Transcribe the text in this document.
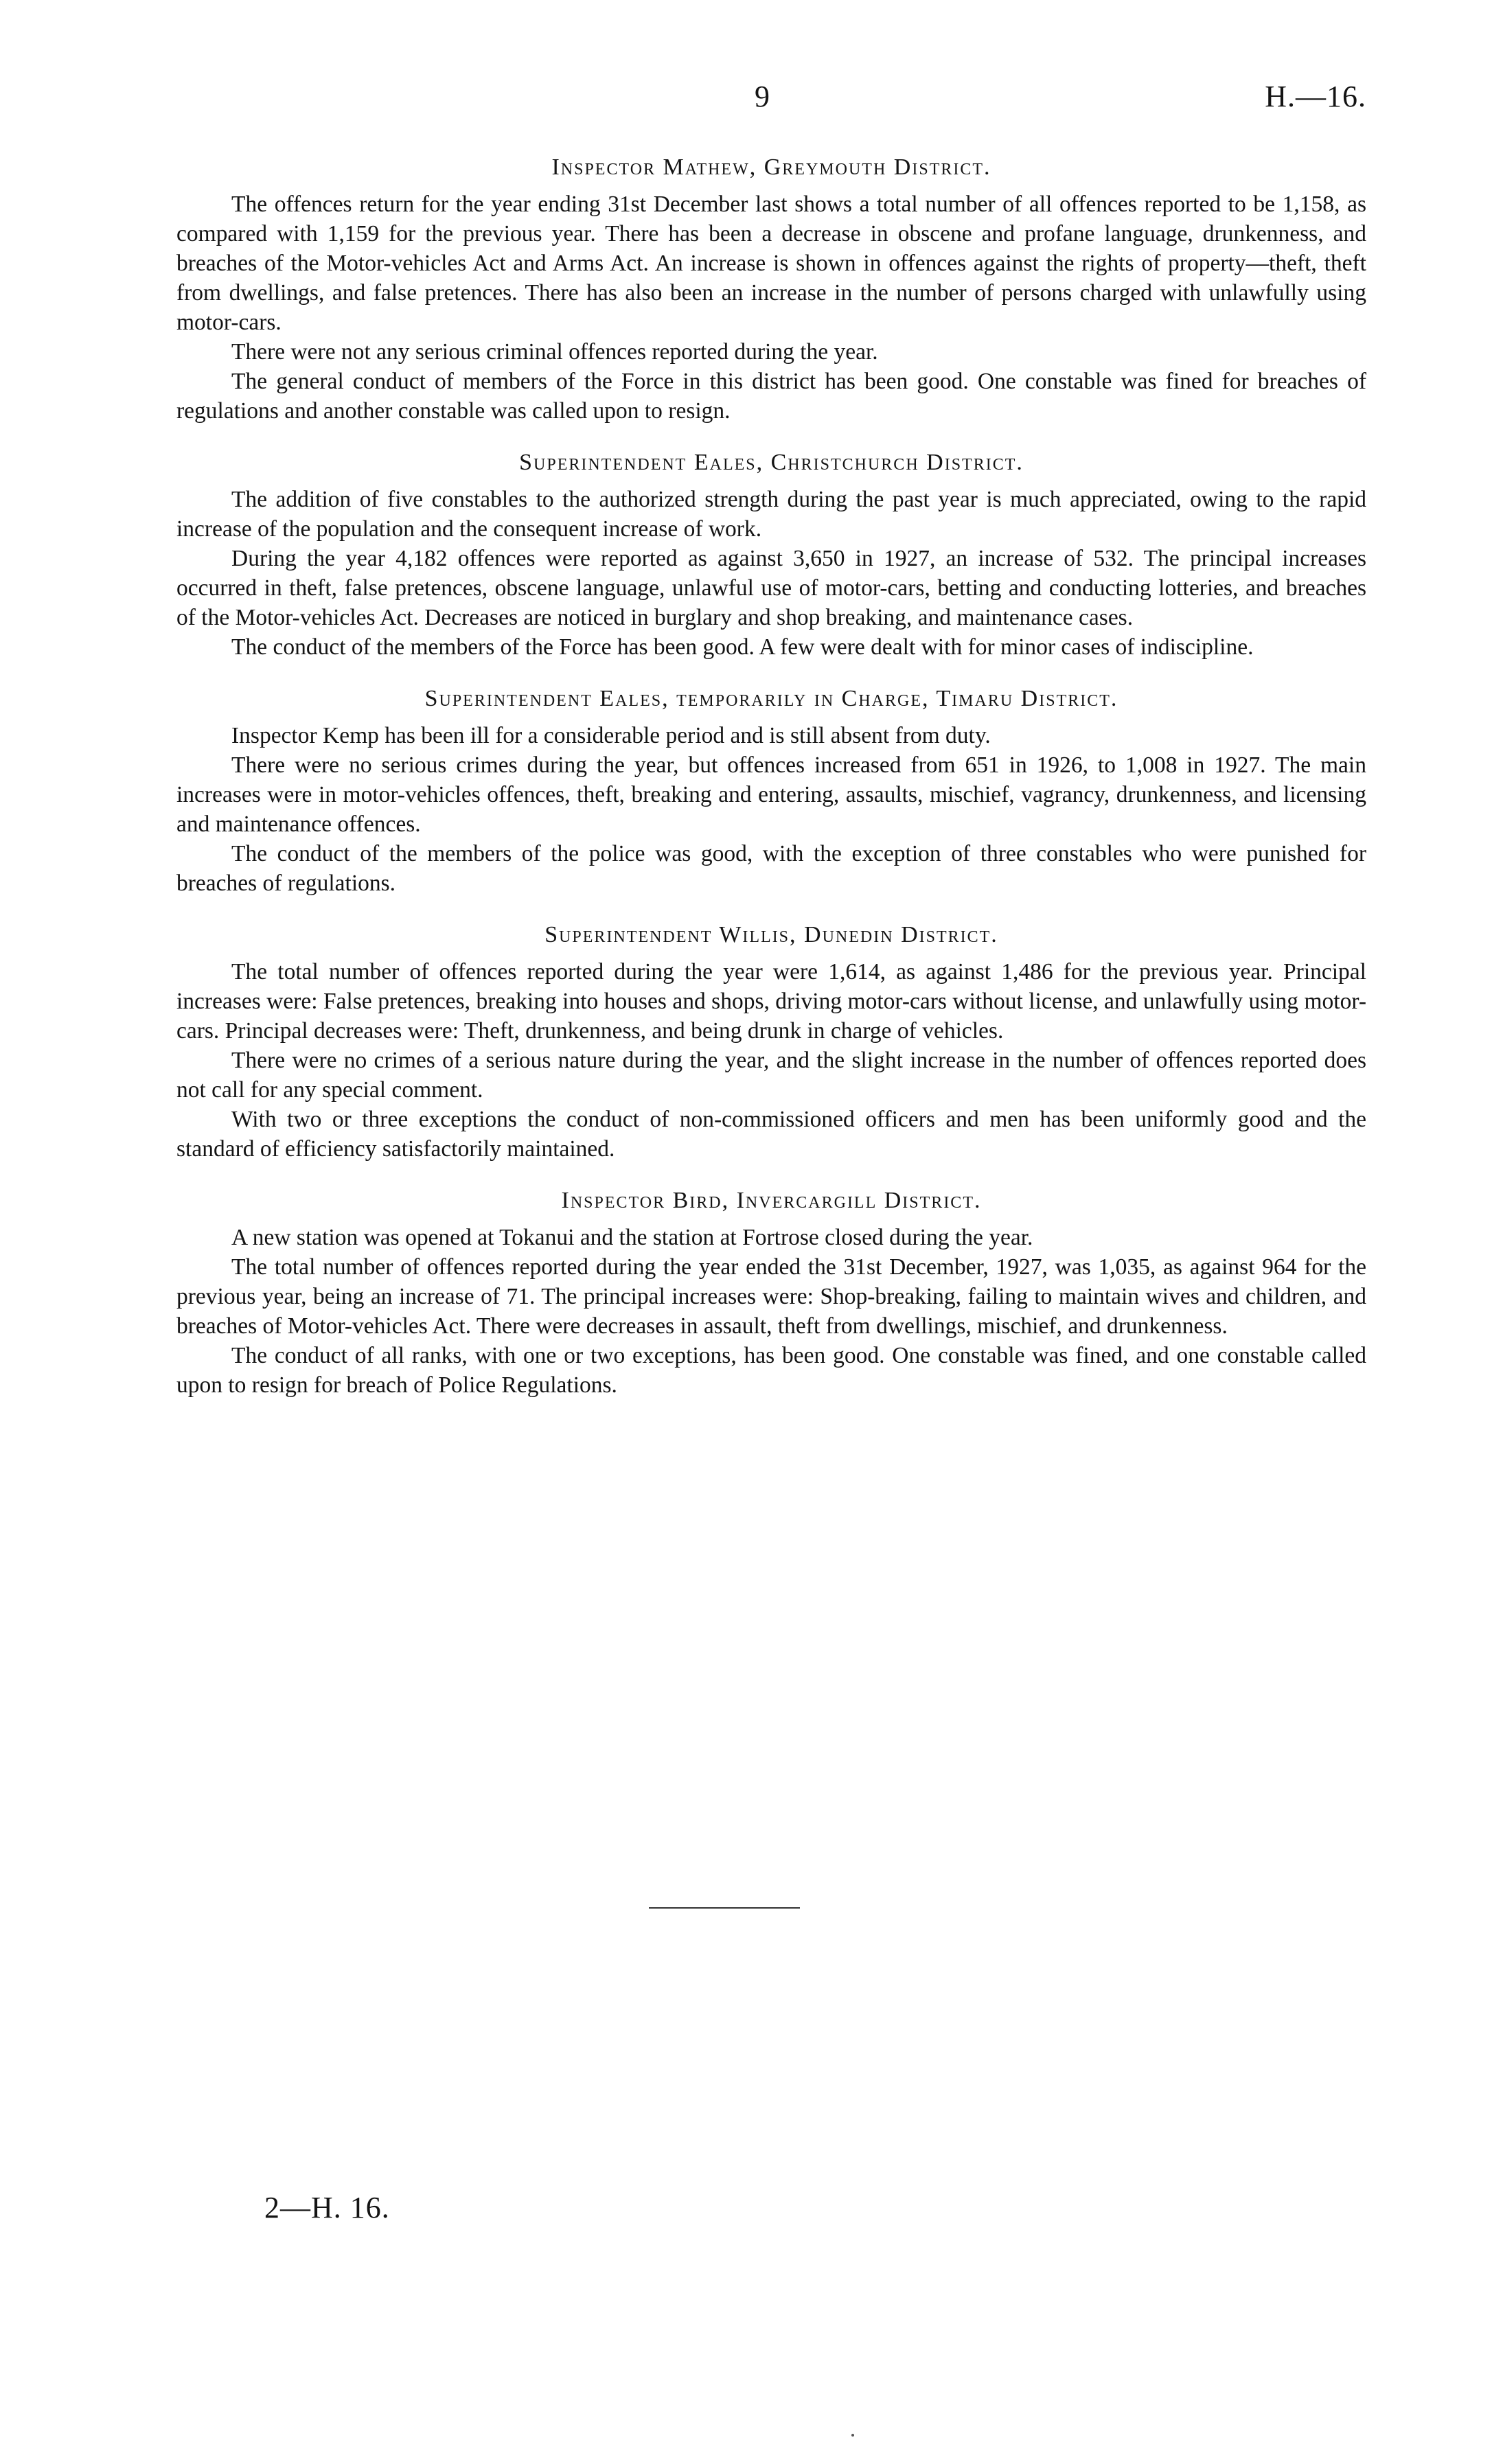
9	H.—16.
Inspector Mathew, Greymouth District.

The offences return for the year ending 31st December last shows a total number of all offences reported to be 1,158, as compared with 1,159 for the previous year. There has been a decrease in obscene and profane language, drunkenness, and breaches of the Motor-vehicles Act and Arms Act. An increase is shown in offences against the rights of property—theft, theft from dwellings, and false pretences. There has also been an increase in the number of persons charged with unlawfully using motor-cars.

There were not any serious criminal offences reported during the year.

The general conduct of members of the Force in this district has been good. One constable was fined for breaches of regulations and another constable was called upon to resign.

Superintendent Eales, Christchurch District.

The addition of five constables to the authorized strength during the past year is much appreciated, owing to the rapid increase of the population and the consequent increase of work.

During the year 4,182 offences were reported as against 3,650 in 1927, an increase of 532. The principal increases occurred in theft, false pretences, obscene language, unlawful use of motor-cars, betting and conducting lotteries, and breaches of the Motor-vehicles Act. Decreases are noticed in burglary and shop breaking, and maintenance cases.

The conduct of the members of the Force has been good. A few were dealt with for minor cases of indiscipline.

Superintendent Eales, temporarily in Charge, Timaru District.

Inspector Kemp has been ill for a considerable period and is still absent from duty.

There were no serious crimes during the year, but offences increased from 651 in 1926, to 1,008 in 1927. The main increases were in motor-vehicles offences, theft, breaking and entering, assaults, mischief, vagrancy, drunkenness, and licensing and maintenance offences.

The conduct of the members of the police was good, with the exception of three constables who were punished for breaches of regulations.

Superintendent Willis, Dunedin District.

The total number of offences reported during the year were 1,614, as against 1,486 for the previous year. Principal increases were: False pretences, breaking into houses and shops, driving motor-cars without license, and unlawfully using motor-cars. Principal decreases were: Theft, drunkenness, and being drunk in charge of vehicles.

There were no crimes of a serious nature during the year, and the slight increase in the number of offences reported does not call for any special comment.

With two or three exceptions the conduct of non-commissioned officers and men has been uniformly good and the standard of efficiency satisfactorily maintained.

Inspector Bird, Invercargill District.

A new station was opened at Tokanui and the station at Fortrose closed during the year.

The total number of offences reported during the year ended the 31st December, 1927, was 1,035, as against 964 for the previous year, being an increase of 71. The principal increases were: Shop-breaking, failing to maintain wives and children, and breaches of Motor-vehicles Act. There were decreases in assault, theft from dwellings, mischief, and drunkenness.

The conduct of all ranks, with one or two exceptions, has been good. One constable was fined, and one constable called upon to resign for breach of Police Regulations.

2—H. 16.
